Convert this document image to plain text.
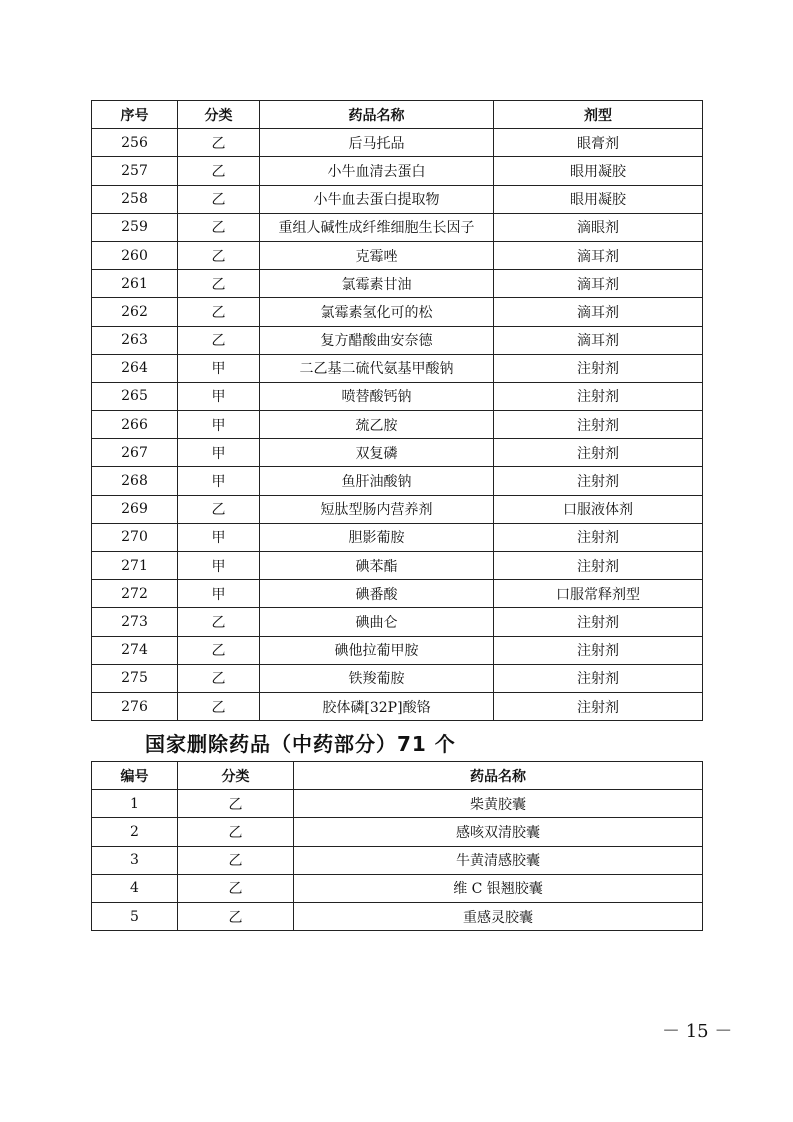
序号	分类	药品名称	剂型
256	乙	后马托品	眼膏剂
257	乙	小牛血清去蛋白	眼用凝胶
258	乙	小牛血去蛋白提取物	眼用凝胶
259	乙	重组人碱性成纤维细胞生长因子	滴眼剂
260	乙	克霉唑	滴耳剂
261	乙	氯霉素甘油	滴耳剂
262	乙	氯霉素氢化可的松	滴耳剂
263	乙	复方醋酸曲安奈德	滴耳剂
264	甲	二乙基二硫代氨基甲酸钠	注射剂
265	甲	喷替酸钙钠	注射剂
266	甲	巯乙胺	注射剂
267	甲	双复磷	注射剂
268	甲	鱼肝油酸钠	注射剂
269	乙	短肽型肠内营养剂	口服液体剂
270	甲	胆影葡胺	注射剂
271	甲	碘苯酯	注射剂
272	甲	碘番酸	口服常释剂型
273	乙	碘曲仑	注射剂
274	乙	碘他拉葡甲胺	注射剂
275	乙	铁羧葡胺	注射剂
276	乙	胶体磷[32P]酸铬	注射剂
国家删除药品（中药部分）71 个
编号	分类	药品名称
1	乙	柴黄胶囊
2	乙	感咳双清胶囊
3	乙	牛黄清感胶囊
4	乙	维 C 银翘胶囊
5	乙	重感灵胶囊
－ 15 －
